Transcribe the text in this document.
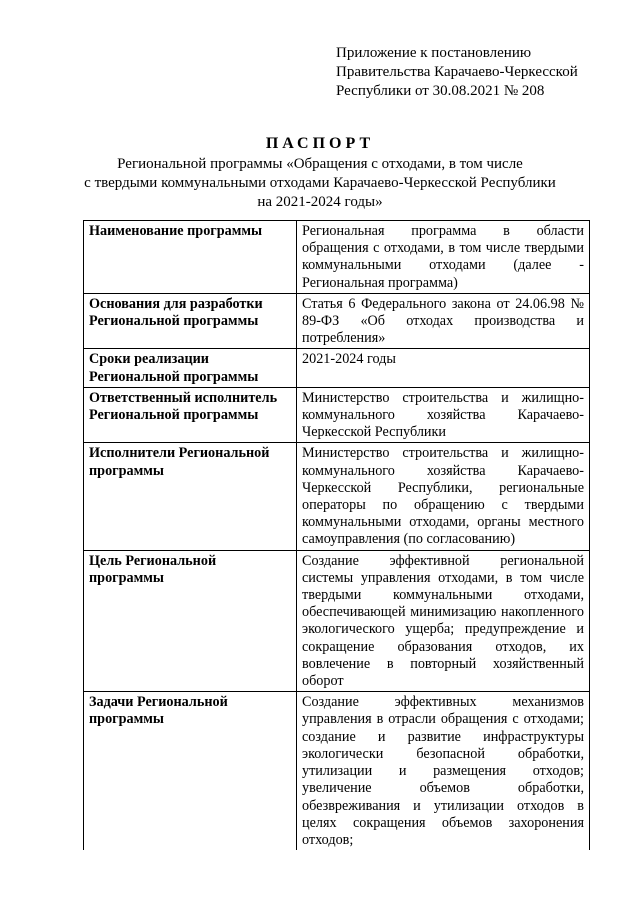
Приложение к постановлению
Правительства Карачаево-Черкесской
Республики от 30.08.2021 № 208
ПАСПОРТ
Региональной программы «Обращения с отходами, в том числе
с твердыми коммунальными отходами Карачаево-Черкесской Республики
на 2021-2024 годы»
Наименование программы	Региональная программа в области обращения с отходами, в том числе твердыми коммунальными отходами (далее - Региональная программа)
Основания для разработки Региональной программы	Статья 6 Федерального закона от 24.06.98 № 89-ФЗ «Об отходах производства и потребления»
Сроки реализации Региональной программы	2021-2024 годы
Ответственный исполнитель Региональной программы	Министерство строительства и жилищно-коммунального хозяйства Карачаево-Черкесской Республики
Исполнители Региональной программы	Министерство строительства и жилищно-коммунального хозяйства Карачаево-Черкесской Республики, региональные операторы по обращению с твердыми коммунальными отходами, органы местного самоуправления (по согласованию)
Цель Региональной программы	Создание эффективной региональной системы управления отходами, в том числе твердыми коммунальными отходами, обеспечивающей минимизацию накопленного экологического ущерба; предупреждение и сокращение образования отходов, их вовлечение в повторный хозяйственный оборот
Задачи Региональной программы	Создание эффективных механизмов управления в отрасли обращения с отходами; создание и развитие инфраструктуры экологически безопасной обработки, утилизации и размещения отходов; увеличение объемов обработки, обезвреживания и утилизации отходов в целях сокращения объемов захоронения отходов;
